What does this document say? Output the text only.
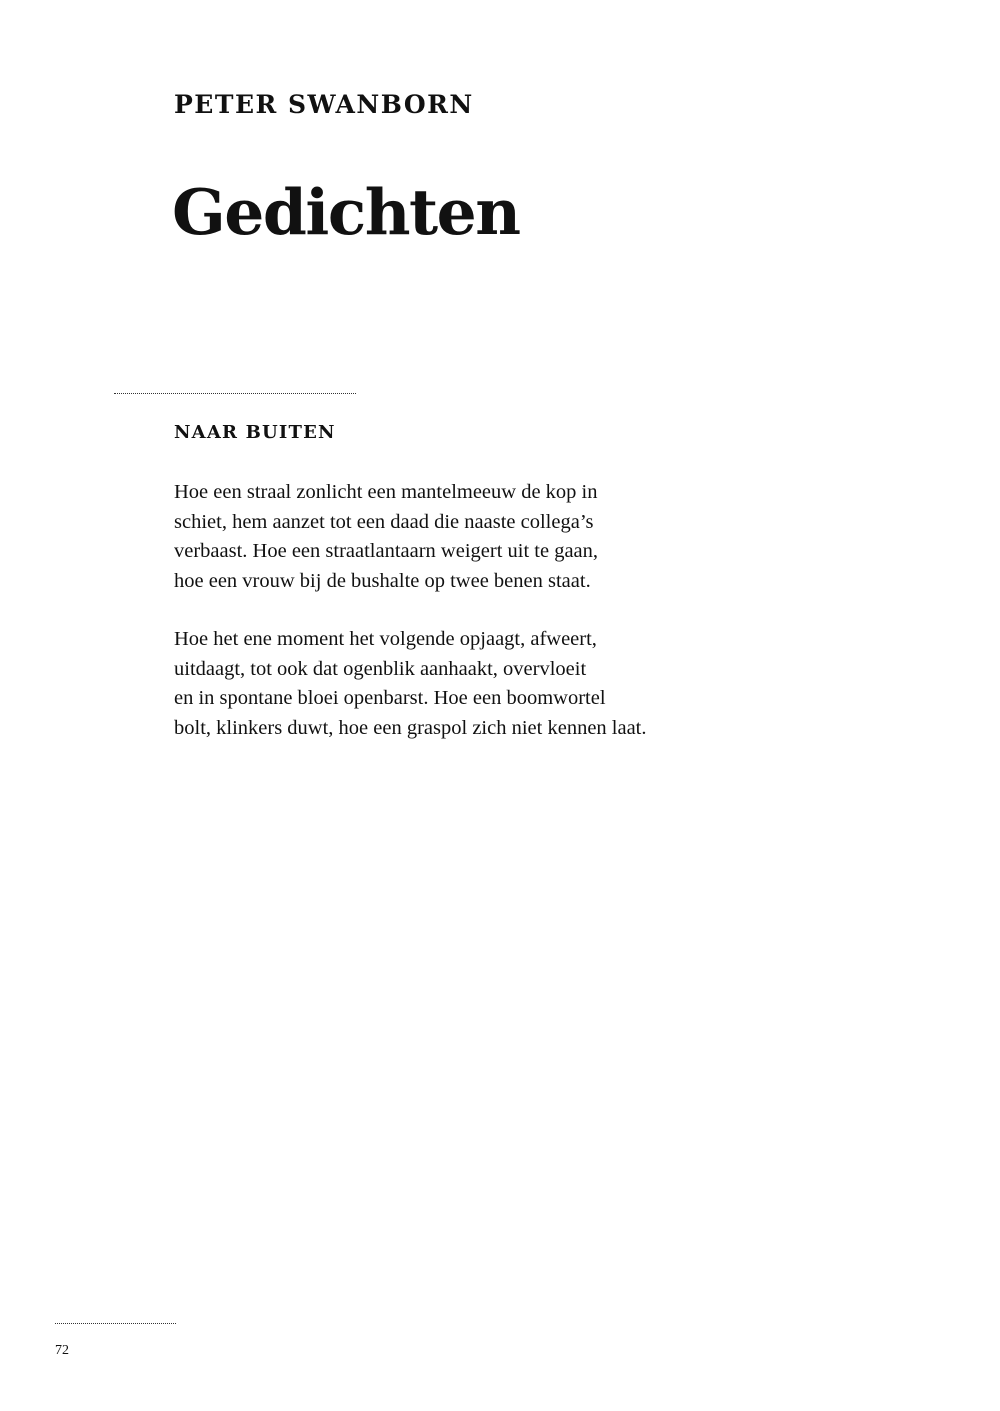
PETER SWANBORN
Gedichten
NAAR BUITEN
Hoe een straal zonlicht een mantelmeeuw de kop in
schiet, hem aanzet tot een daad die naaste collega’s
verbaast. Hoe een straatlantaarn weigert uit te gaan,
hoe een vrouw bij de bushalte op twee benen staat.
Hoe het ene moment het volgende opjaagt, afweert,
uitdaagt, tot ook dat ogenblik aanhaakt, overvloeit
en in spontane bloei openbarst. Hoe een boomwortel
bolt, klinkers duwt, hoe een graspol zich niet kennen laat.
72
